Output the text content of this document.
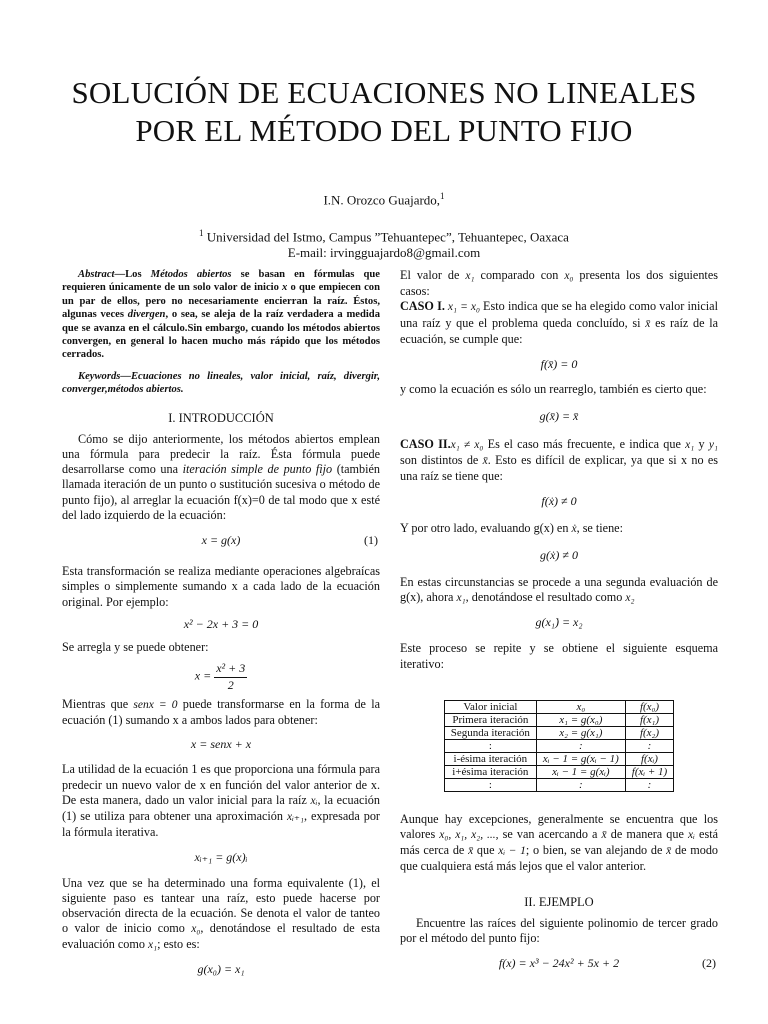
SOLUCIÓN DE ECUACIONES NO LINEALES
POR EL MÉTODO DEL PUNTO FIJO
I.N. Orozco Guajardo,$^1$
$^1$ Universidad del Istmo, Campus ”Tehuantepec”, Tehuantepec, Oaxaca
E-mail: irvingguajardo8@gmail.com

Abstract—Los Métodos abiertos se basan en fórmulas que requieren únicamente de un solo valor de inicio x o que empiecen con un par de ellos, pero no necesariamente encierran la raíz. Éstos, algunas veces divergen, o sea, se aleja de la raíz verdadera a medida que se avanza en el cálculo.Sin embargo, cuando los métodos abiertos convergen, en general lo hacen mucho más rápido que los métodos cerrados.

Keywords—Ecuaciones no lineales, valor inicial, raíz, divergir, converger,métodos abiertos.

I. INTRODUCCIÓN

Cómo se dijo anteriormente, los métodos abiertos emplean una fórmula para predecir la raíz. Ésta fórmula puede desarrollarse como una iteración simple de punto fijo (también llamada iteración de un punto o sustitución sucesiva o método de punto fijo), al arreglar la ecuación f(x)=0 de tal modo que x esté del lado izquierdo de la ecuación:

x = g(x)	(1)

Esta transformación se realiza mediante operaciones algebraícas simples o simplemente sumando x a cada lado de la ecuación original. Por ejemplo:

x² − 2x + 3 = 0

Se arregla y se puede obtener:

$x = \frac{\text{x² + 3}}{2}$

Mientras que senx = 0 puede transformarse en la forma de la ecuación (1) sumando x a ambos lados para obtener:

x = senx + x

La utilidad de la ecuación 1 es que proporciona una fórmula para predecir un nuevo valor de x en función del valor anterior de x. De esta manera, dado un valor inicial para la raíz xᵢ, la ecuación (1) se utiliza para obtener una aproximación xᵢ₊₁, expresada por la fórmula iterativa.

xᵢ₊₁ = g(x)ᵢ

Una vez que se ha determinado una forma equivalente (1), el siguiente paso es tantear una raíz, esto puede hacerse por observación directa de la ecuación. Se denota el valor de tanteo o valor de inicio como x₀, denotándose el resultado de esta evaluación como x₁; esto es:

g(x₀) = x₁

El valor de x₁ comparado con x₀ presenta los dos siguientes casos:

CASO I. x₁ = x₀ Esto indica que se ha elegido como valor inicial una raíz y que el problema queda concluído, si x̄ es raíz de la ecuación, se cumple que:

f(x̄) = 0

y como la ecuación es sólo un rearreglo, también es cierto que:

g(x̄) = x̄

CASO II.x₁ ≠ x₀ Es el caso más frecuente, e indica que x₁ y y₁ son distintos de x̄. Esto es difícil de explicar, ya que si x no es una raíz se tiene que:

f(ẋ) ≠ 0

Y por otro lado, evaluando g(x) en ẋ, se tiene:

g(ẋ) ≠ 0

En estas circunstancias se procede a una segunda evaluación de g(x), ahora x₁, denotándose el resultado como x₂

g(x₁̇) = x₂

Este proceso se repite y se obtiene el siguiente esquema iterativo:

Valor inicial	x₀	f(x₀)
Primera iteración	x₁ = g(x₀)	f(x₁)
Segunda iteración	x₂ = g(x₁)	f(x₂)
:	:	:
i-ésima iteración	xᵢ − 1 = g(xᵢ − 1)	f(xᵢ)
i+ésima iteración	xᵢ − 1 = g(xᵢ)	f(xᵢ + 1)
:	:	:

Aunque hay excepciones, generalmente se encuentra que los valores x₀, x₁, x₂, ..., se van acercando a x̄ de manera que xᵢ está más cerca de x̄ que xᵢ − 1; o bien, se van alejando de x̄ de modo que cualquiera está más lejos que el valor anterior.

II. EJEMPLO

Encuentre las raíces del siguiente polinomio de tercer grado por el método del punto fijo:

f(x) = x³ − 24x² + 5x + 2	(2)
